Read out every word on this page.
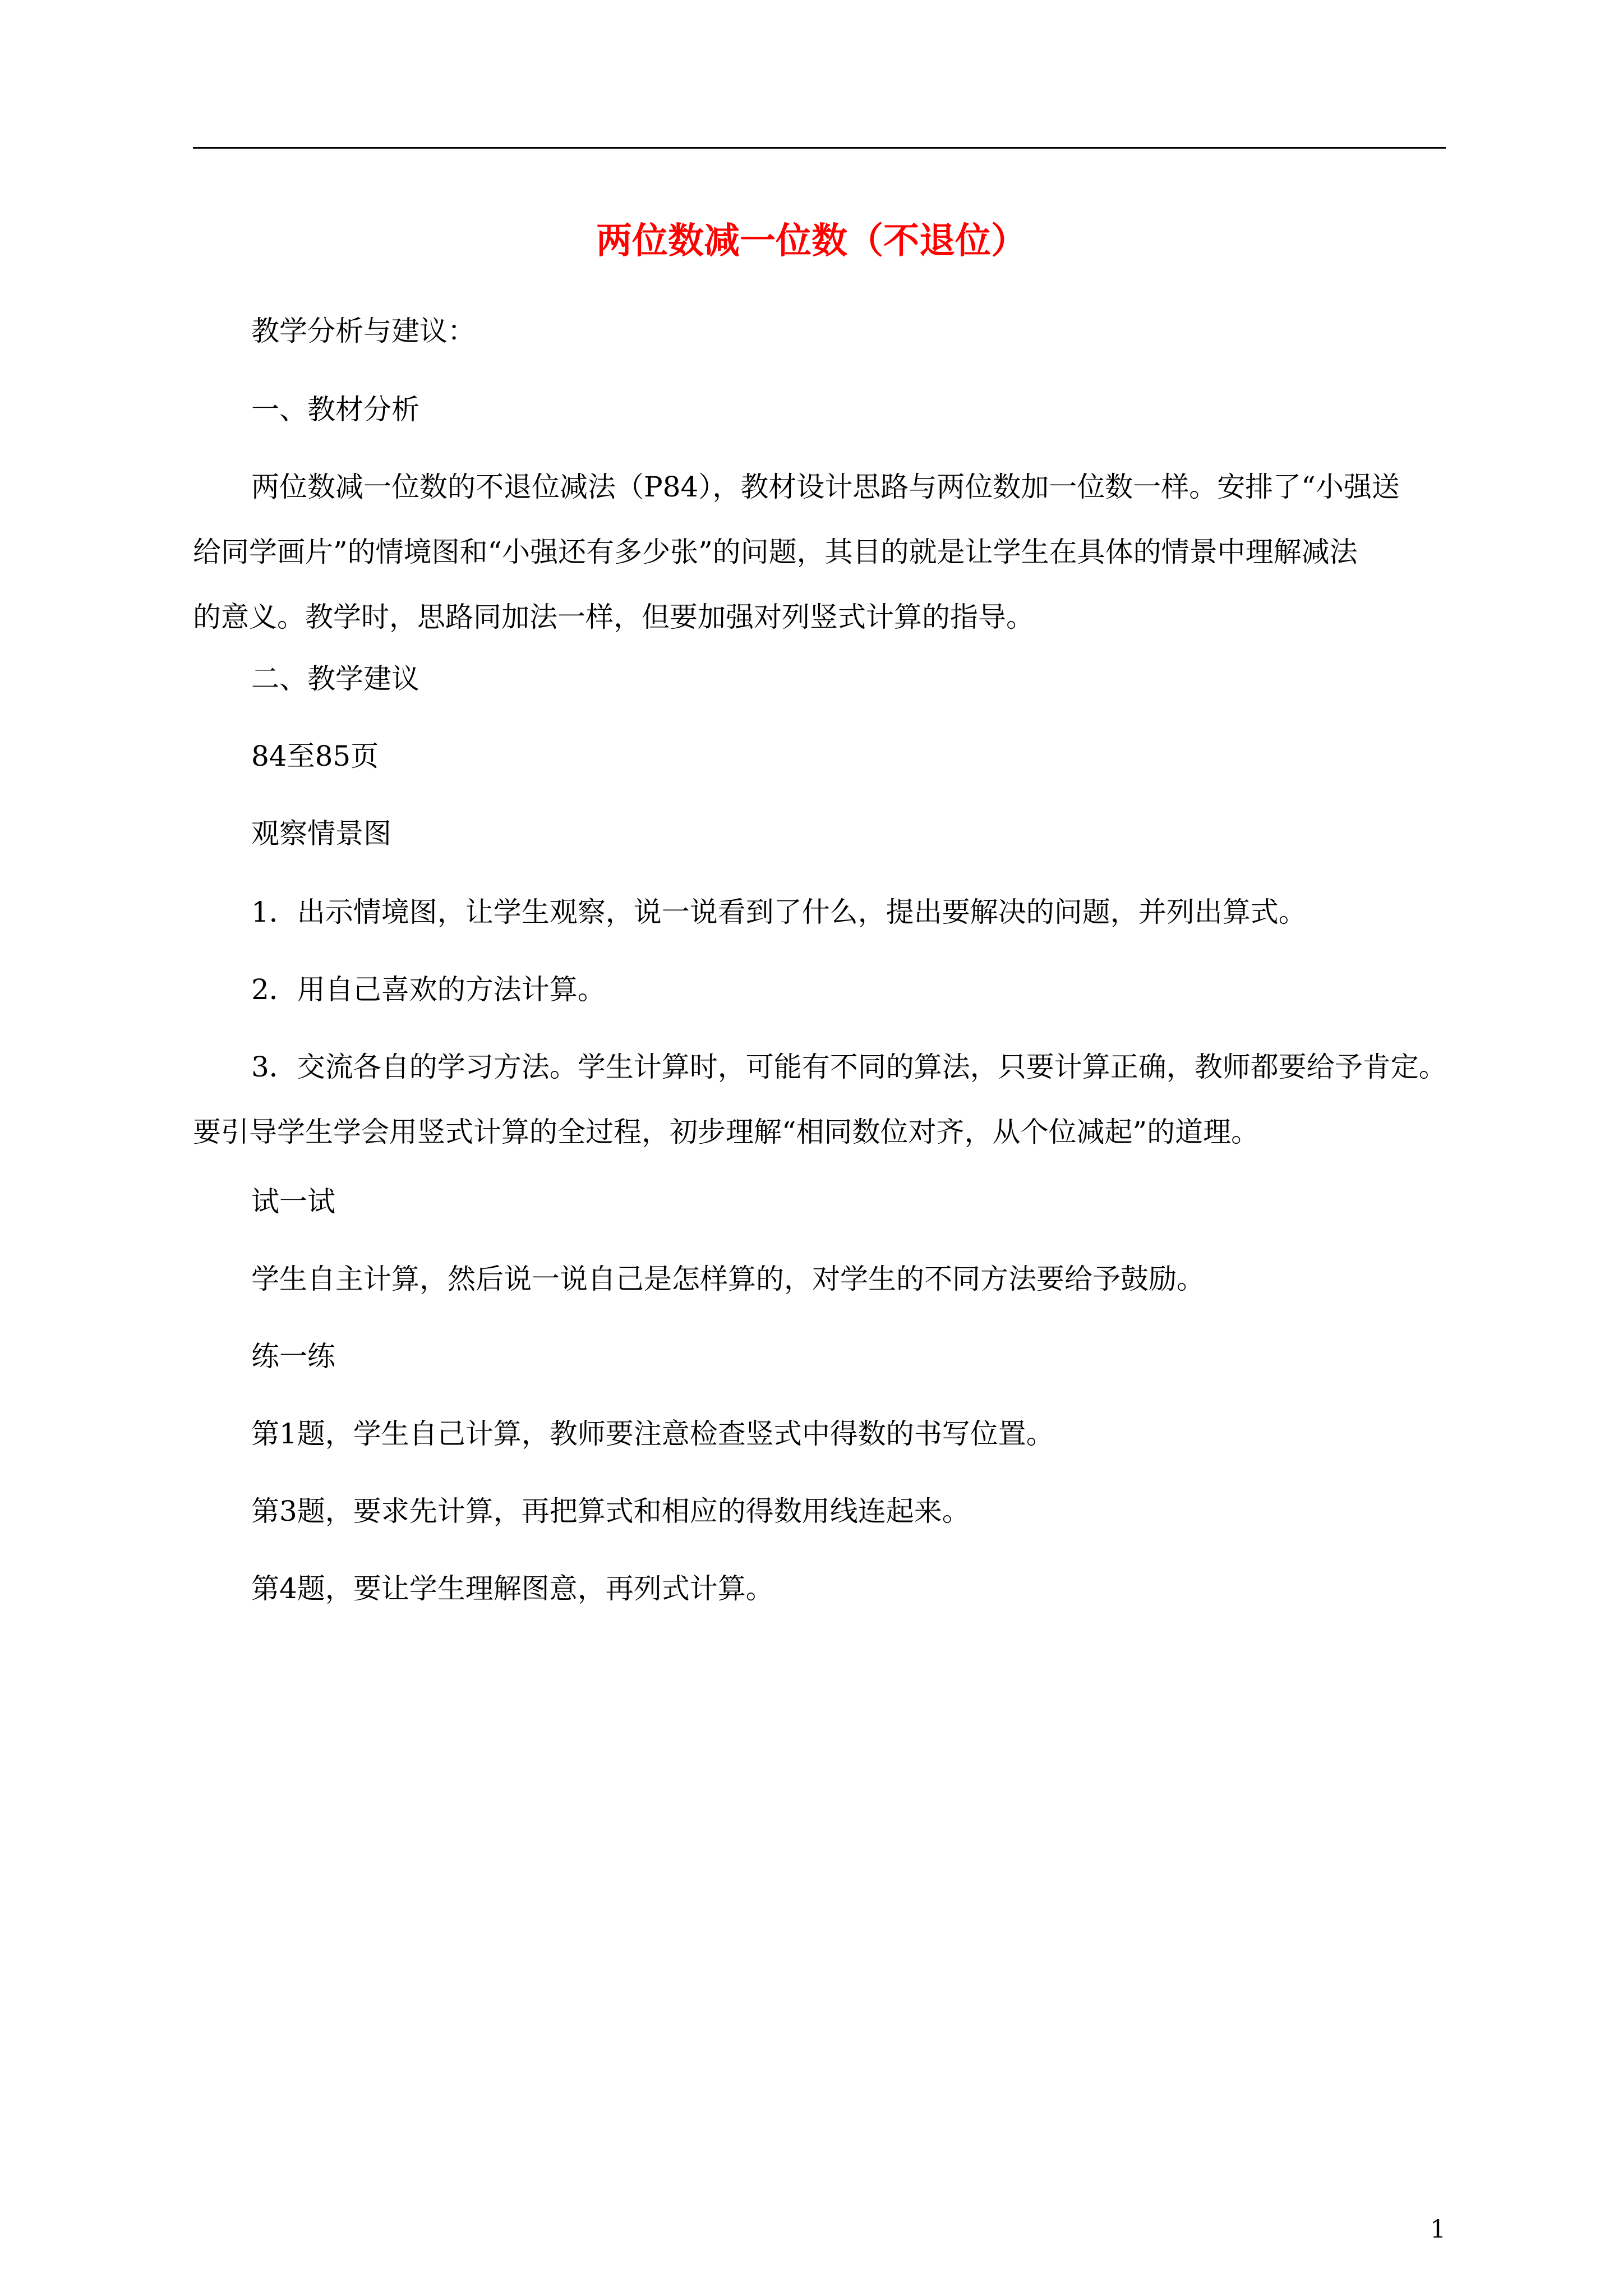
两位数减一位数（不退位）

教学分析与建议：

一、教材分析

两位数减一位数的不退位减法（P84），教材设计思路与两位数加一位数一样。安排了“小强送
给同学画片”的情境图和“小强还有多少张”的问题，其目的就是让学生在具体的情景中理解减法
的意义。教学时，思路同加法一样，但要加强对列竖式计算的指导。

二、教学建议

84至85页

观察情景图

1．出示情境图，让学生观察，说一说看到了什么，提出要解决的问题，并列出算式。

2．用自己喜欢的方法计算。

3．交流各自的学习方法。学生计算时，可能有不同的算法，只要计算正确，教师都要给予肯定。
要引导学生学会用竖式计算的全过程，初步理解“相同数位对齐，从个位减起”的道理。

试一试

学生自主计算，然后说一说自己是怎样算的，对学生的不同方法要给予鼓励。

练一练

第1题，学生自己计算，教师要注意检查竖式中得数的书写位置。

第3题，要求先计算，再把算式和相应的得数用线连起来。

第4题，要让学生理解图意，再列式计算。

1
